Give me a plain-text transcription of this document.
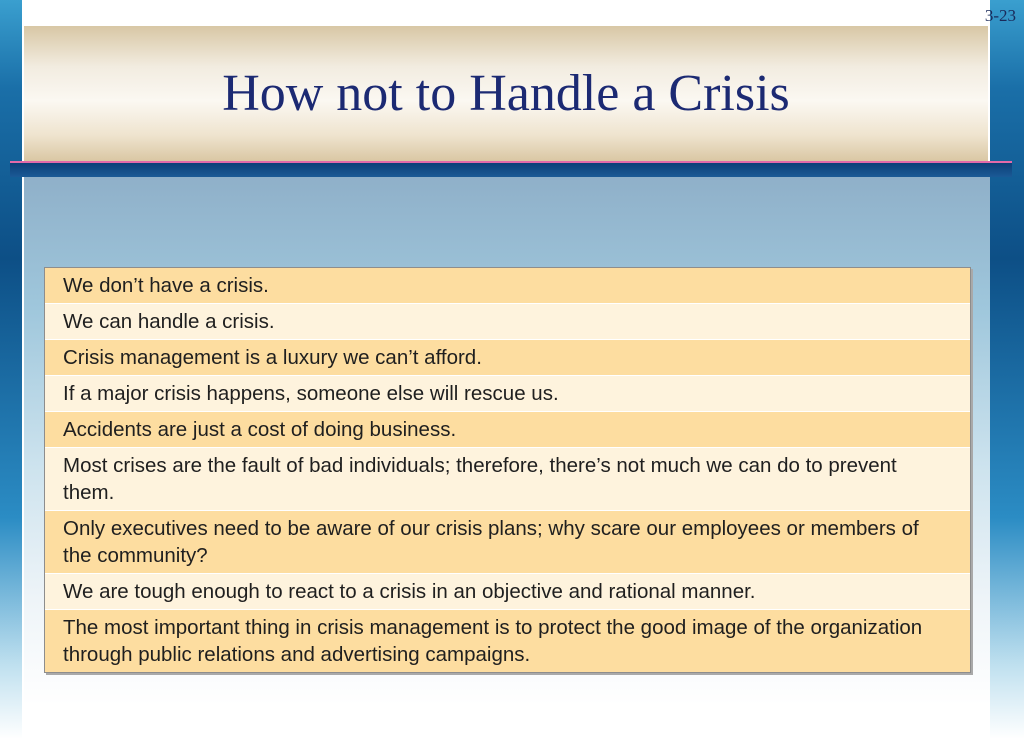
3-23
How not to Handle a Crisis
We don’t have a crisis.
We can handle a crisis.
Crisis management is a luxury we can’t afford.
If a major crisis happens, someone else will rescue us.
Accidents are just a cost of doing business.
Most crises are the fault of bad individuals; therefore, there’s not much we can do to prevent them.
Only executives need to be aware of our crisis plans; why scare our employees or members of the community?
We are tough enough to react to a crisis in an objective and rational manner.
The most important thing in crisis management is to protect the good image of the organization through public relations and advertising campaigns.
